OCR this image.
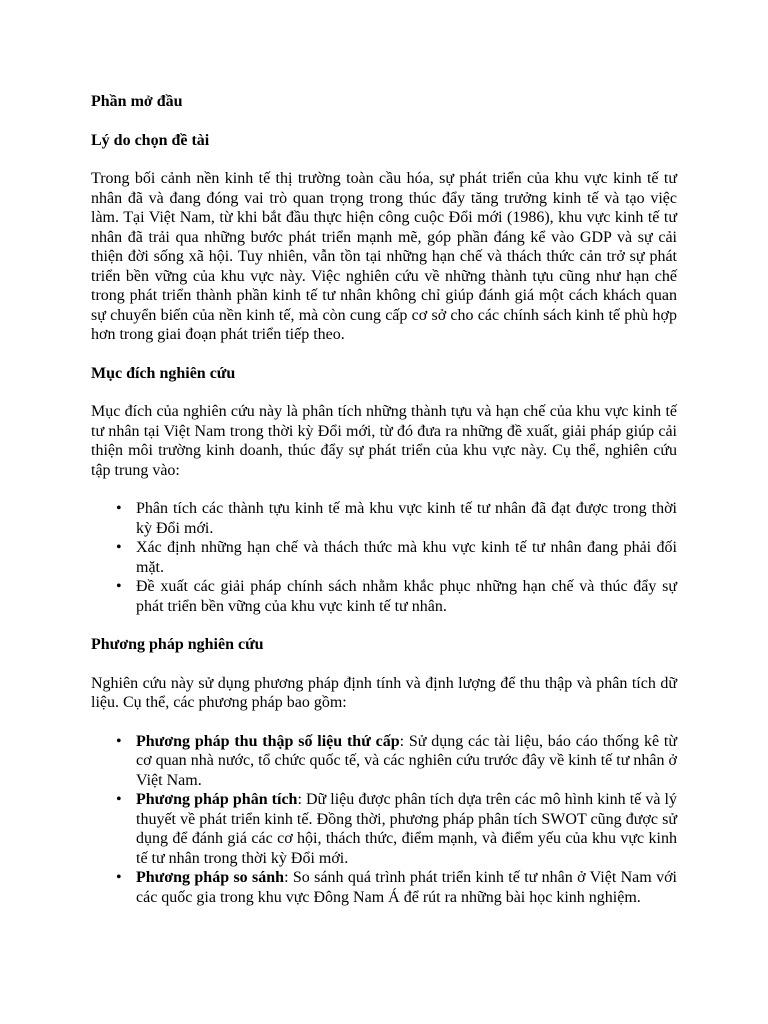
Phần mở đầu
Lý do chọn đề tài
Trong bối cảnh nền kinh tế thị trường toàn cầu hóa, sự phát triển của khu vực kinh tế tư nhân đã và đang đóng vai trò quan trọng trong thúc đẩy tăng trưởng kinh tế và tạo việc làm. Tại Việt Nam, từ khi bắt đầu thực hiện công cuộc Đổi mới (1986), khu vực kinh tế tư nhân đã trải qua những bước phát triển mạnh mẽ, góp phần đáng kể vào GDP và sự cải thiện đời sống xã hội. Tuy nhiên, vẫn tồn tại những hạn chế và thách thức cản trở sự phát triển bền vững của khu vực này. Việc nghiên cứu về những thành tựu cũng như hạn chế trong phát triển thành phần kinh tế tư nhân không chỉ giúp đánh giá một cách khách quan sự chuyển biến của nền kinh tế, mà còn cung cấp cơ sở cho các chính sách kinh tế phù hợp hơn trong giai đoạn phát triển tiếp theo.
Mục đích nghiên cứu
Mục đích của nghiên cứu này là phân tích những thành tựu và hạn chế của khu vực kinh tế tư nhân tại Việt Nam trong thời kỳ Đổi mới, từ đó đưa ra những đề xuất, giải pháp giúp cải thiện môi trường kinh doanh, thúc đẩy sự phát triển của khu vực này. Cụ thể, nghiên cứu tập trung vào:
• Phân tích các thành tựu kinh tế mà khu vực kinh tế tư nhân đã đạt được trong thời kỳ Đổi mới.
• Xác định những hạn chế và thách thức mà khu vực kinh tế tư nhân đang phải đối mặt.
• Đề xuất các giải pháp chính sách nhằm khắc phục những hạn chế và thúc đẩy sự phát triển bền vững của khu vực kinh tế tư nhân.
Phương pháp nghiên cứu
Nghiên cứu này sử dụng phương pháp định tính và định lượng để thu thập và phân tích dữ liệu. Cụ thể, các phương pháp bao gồm:
• Phương pháp thu thập số liệu thứ cấp: Sử dụng các tài liệu, báo cáo thống kê từ cơ quan nhà nước, tổ chức quốc tế, và các nghiên cứu trước đây về kinh tế tư nhân ở Việt Nam.
• Phương pháp phân tích: Dữ liệu được phân tích dựa trên các mô hình kinh tế và lý thuyết về phát triển kinh tế. Đồng thời, phương pháp phân tích SWOT cũng được sử dụng để đánh giá các cơ hội, thách thức, điểm mạnh, và điểm yếu của khu vực kinh tế tư nhân trong thời kỳ Đổi mới.
• Phương pháp so sánh: So sánh quá trình phát triển kinh tế tư nhân ở Việt Nam với các quốc gia trong khu vực Đông Nam Á để rút ra những bài học kinh nghiệm.
